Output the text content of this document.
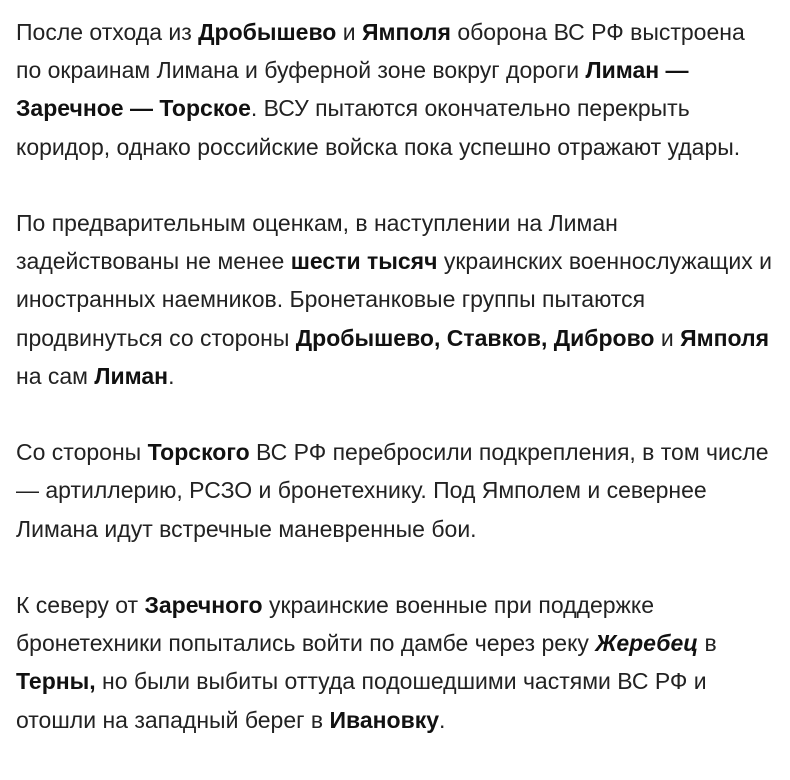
После отхода из Дробышево и Ямполя оборона ВС РФ выстроена по окраинам Лимана и буферной зоне вокруг дороги Лиман — Заречное — Торское. ВСУ пытаются окончательно перекрыть коридор, однако российские войска пока успешно отражают удары.

По предварительным оценкам, в наступлении на Лиман задействованы не менее шести тысяч украинских военнослужащих и иностранных наемников. Бронетанковые группы пытаются продвинуться со стороны Дробышево, Ставков, Диброво и Ямполя на сам Лиман.

Со стороны Торского ВС РФ перебросили подкрепления, в том числе — артиллерию, РСЗО и бронетехнику. Под Ямполем и севернее Лимана идут встречные маневренные бои.

К северу от Заречного украинские военные при поддержке бронетехники попытались войти по дамбе через реку Жеребец в Терны, но были выбиты оттуда подошедшими частями ВС РФ и отошли на западный берег в Ивановку.
